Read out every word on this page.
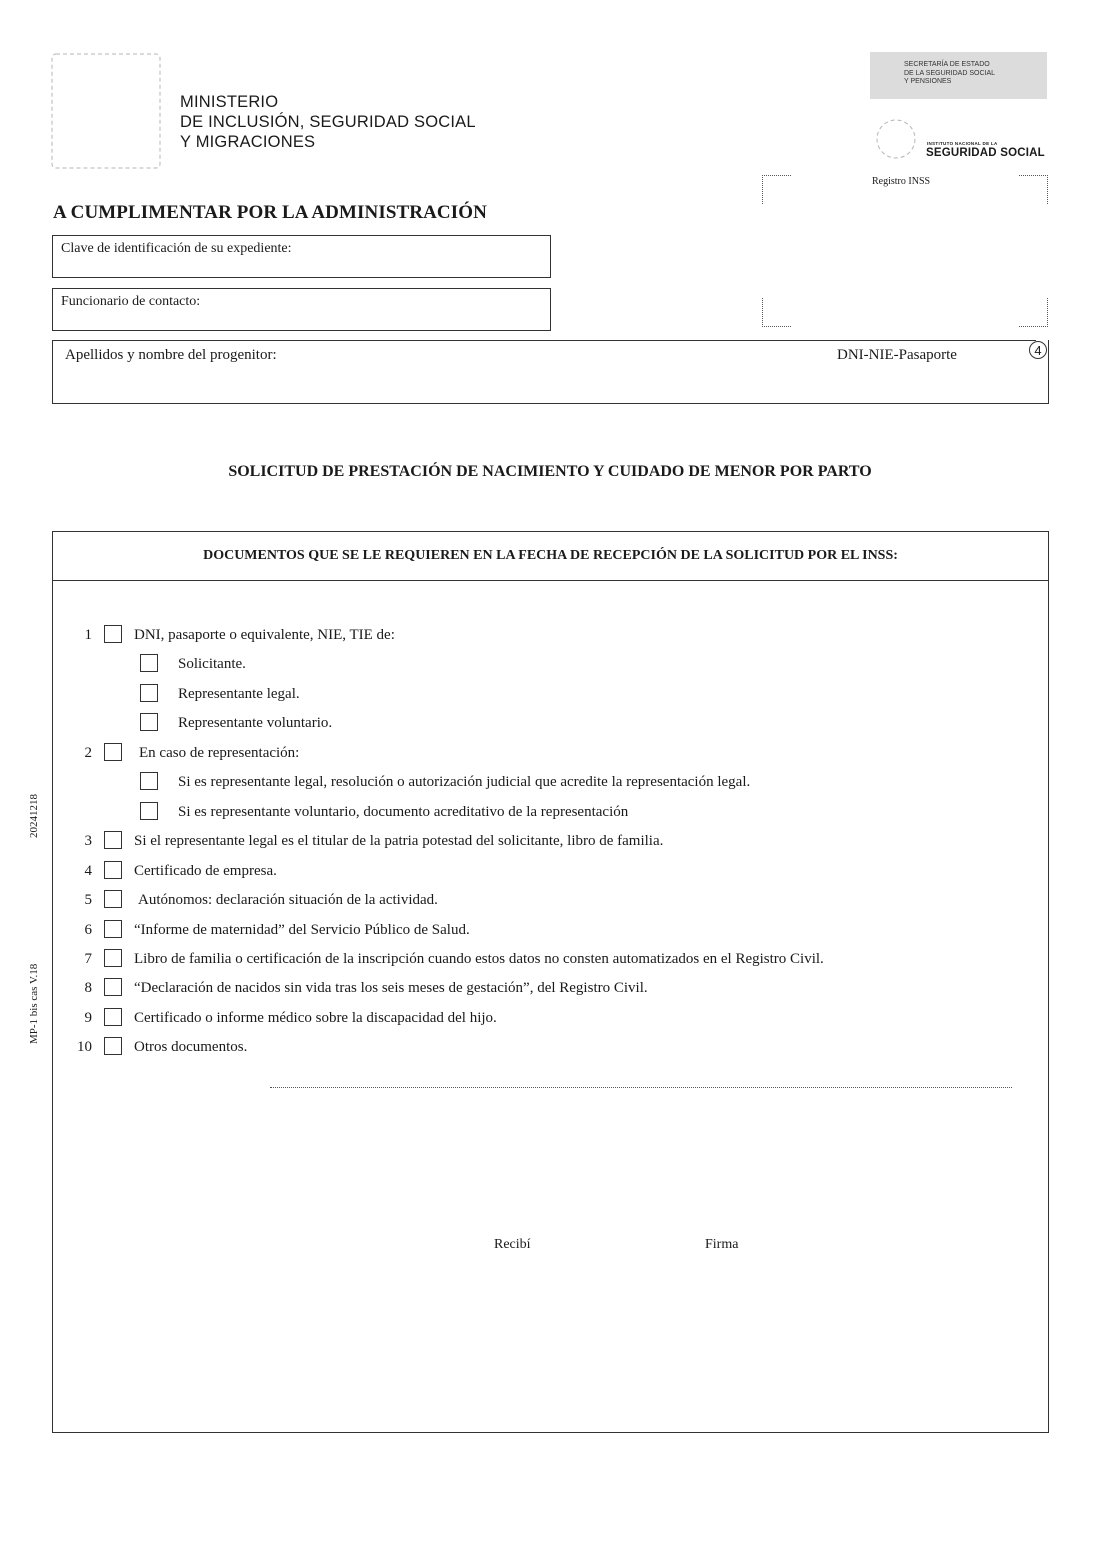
MINISTERIO
DE INCLUSIÓN, SEGURIDAD SOCIAL
Y MIGRACIONES
SECRETARÍA DE ESTADO
DE LA SEGURIDAD SOCIAL
Y PENSIONES
INSTITUTO NACIONAL DE LA
SEGURIDAD SOCIAL
Registro INSS
A CUMPLIMENTAR POR LA ADMINISTRACIÓN
Clave de identificación de su expediente:
Funcionario de contacto:
Apellidos y nombre del progenitor:	DNI-NIE-Pasaporte	4
SOLICITUD DE PRESTACIÓN DE NACIMIENTO Y CUIDADO DE MENOR POR PARTO
DOCUMENTOS QUE SE LE REQUIEREN EN LA FECHA DE RECEPCIÓN DE LA SOLICITUD POR EL INSS:
1	DNI, pasaporte o equivalente, NIE, TIE de:
Solicitante.
Representante legal.
Representante voluntario.
2	En caso de representación:
Si es representante legal, resolución o autorización judicial que acredite la representación legal.
Si es representante voluntario, documento acreditativo de la representación
3	Si el representante legal es el titular de la patria potestad del solicitante, libro de familia.
4	Certificado de empresa.
5	Autónomos: declaración situación de la actividad.
6	“Informe de maternidad” del Servicio Público de Salud.
7	Libro de familia o certificación de la inscripción cuando estos datos no consten automatizados en el Registro Civil.
8	“Declaración de nacidos sin vida tras los seis meses de gestación”, del Registro Civil.
9	Certificado o informe médico sobre la discapacidad del hijo.
10	Otros documentos.
Recibí	Firma
20241218
MP-1 bis cas V.18
